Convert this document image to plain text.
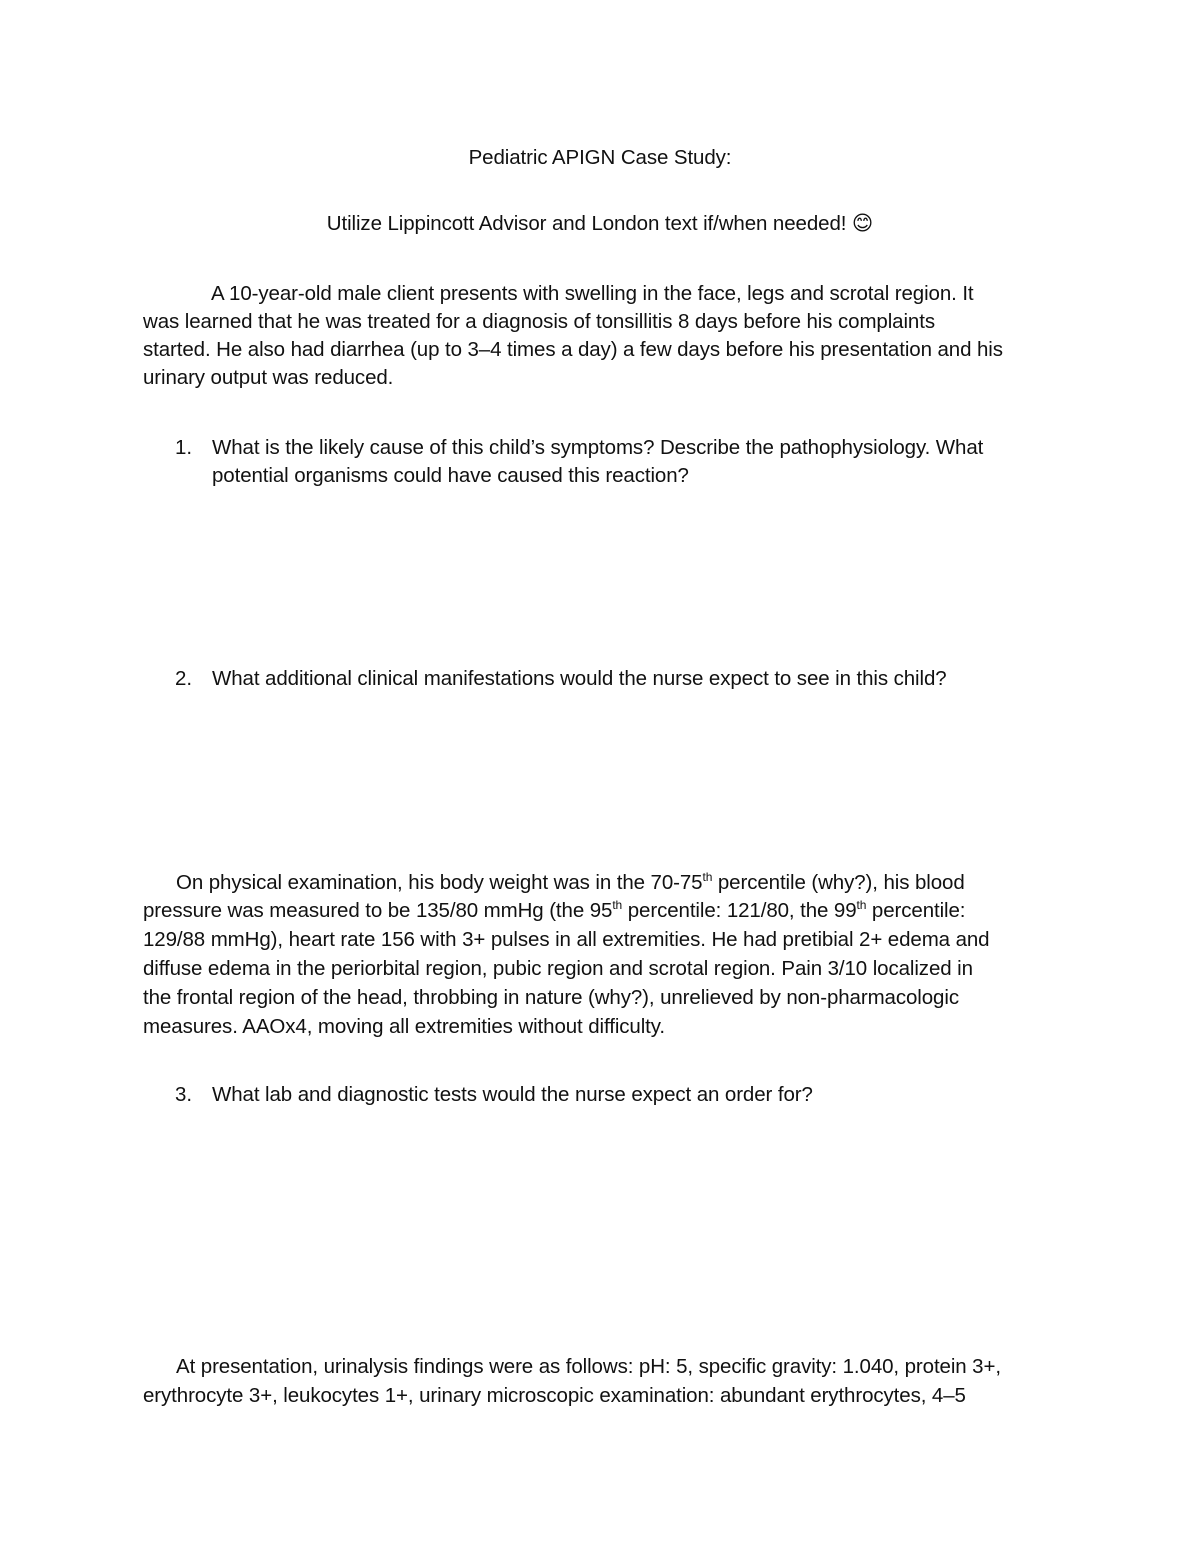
Pediatric APIGN Case Study:
Utilize Lippincott Advisor and London text if/when needed! 😊
A 10-year-old male client presents with swelling in the face, legs and scrotal region. It
was learned that he was treated for a diagnosis of tonsillitis 8 days before his complaints
started. He also had diarrhea (up to 3–4 times a day) a few days before his presentation and his
urinary output was reduced.
1. What is the likely cause of this child’s symptoms? Describe the pathophysiology. What
potential organisms could have caused this reaction?
2. What additional clinical manifestations would the nurse expect to see in this child?
On physical examination, his body weight was in the 70-75th percentile (why?), his blood
pressure was measured to be 135/80 mmHg (the 95th percentile: 121/80, the 99th percentile:
129/88 mmHg), heart rate 156 with 3+ pulses in all extremities. He had pretibial 2+ edema and
diffuse edema in the periorbital region, pubic region and scrotal region. Pain 3/10 localized in
the frontal region of the head, throbbing in nature (why?), unrelieved by non-pharmacologic
measures. AAOx4, moving all extremities without difficulty.
3. What lab and diagnostic tests would the nurse expect an order for?
At presentation, urinalysis findings were as follows: pH: 5, specific gravity: 1.040, protein 3+,
erythrocyte 3+, leukocytes 1+, urinary microscopic examination: abundant erythrocytes, 4–5
